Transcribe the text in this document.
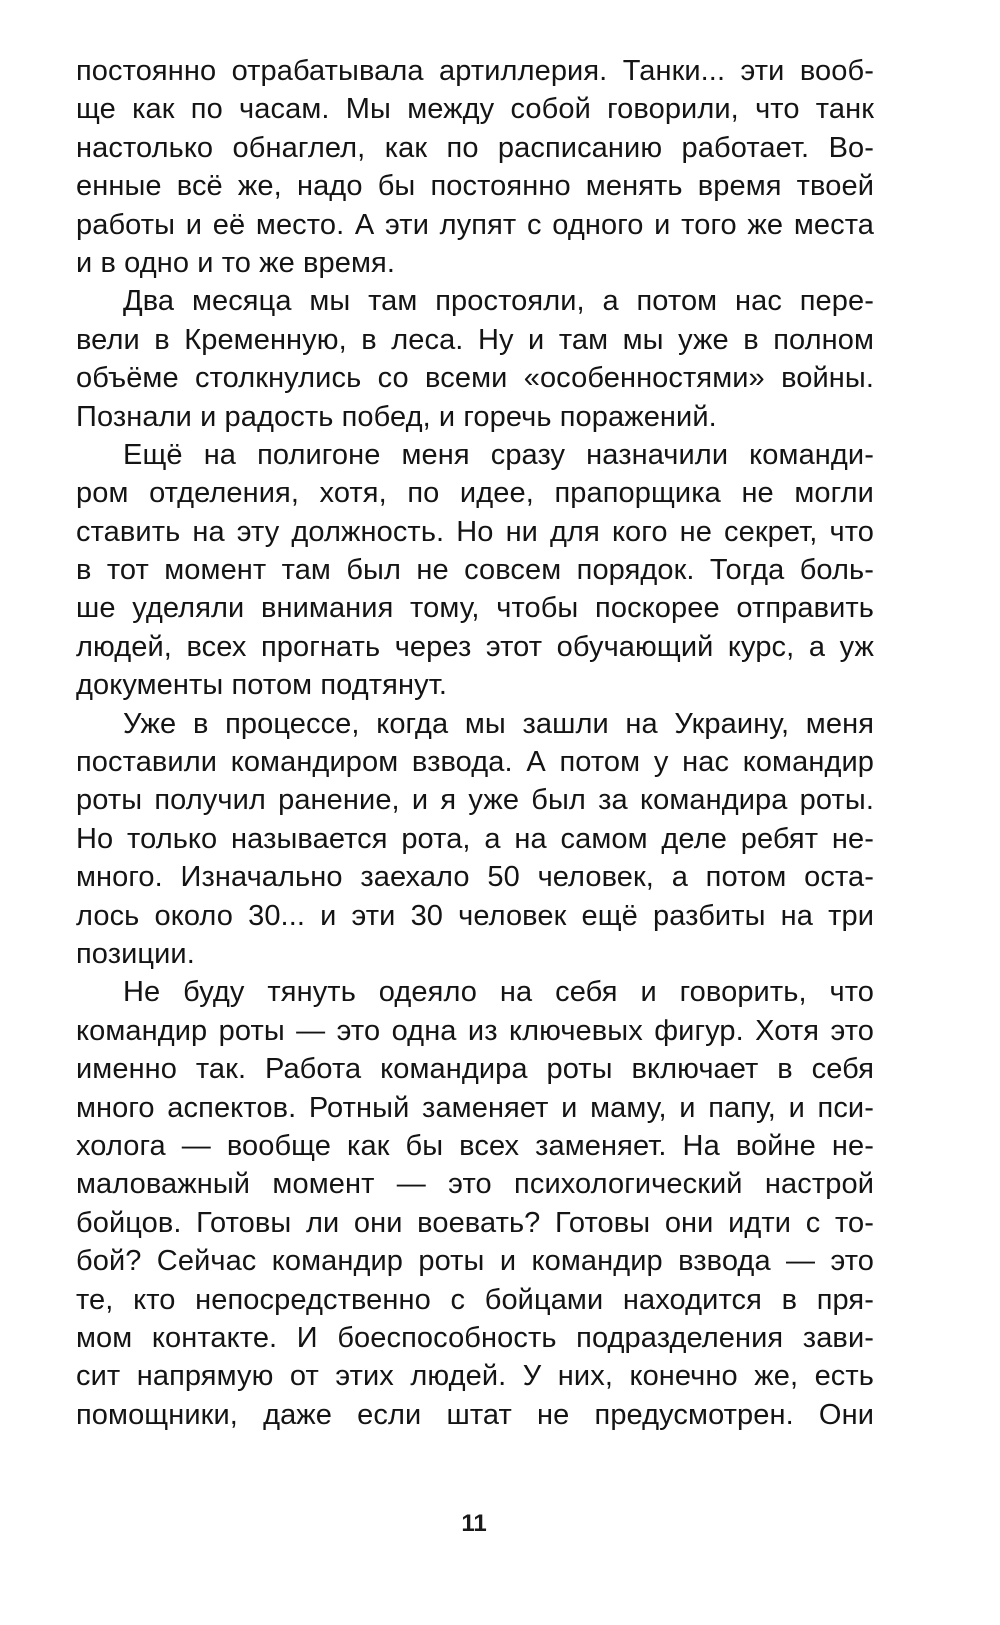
постоянно отрабатывала артиллерия. Танки... эти вооб-
ще как по часам. Мы между собой говорили, что танк
настолько обнаглел, как по расписанию работает. Во-
енные всё же, надо бы постоянно менять время твоей
работы и её место. А эти лупят с одного и того же места
и в одно и то же время.
Два месяца мы там простояли, а потом нас пере-
вели в Кременную, в леса. Ну и там мы уже в полном
объёме столкнулись со всеми «особенностями» войны.
Познали и радость побед, и горечь поражений.
Ещё на полигоне меня сразу назначили команди-
ром отделения, хотя, по идее, прапорщика не могли
ставить на эту должность. Но ни для кого не секрет, что
в тот момент там был не совсем порядок. Тогда боль-
ше уделяли внимания тому, чтобы поскорее отправить
людей, всех прогнать через этот обучающий курс, а уж
документы потом подтянут.
Уже в процессе, когда мы зашли на Украину, меня
поставили командиром взвода. А потом у нас командир
роты получил ранение, и я уже был за командира роты.
Но только называется рота, а на самом деле ребят не-
много. Изначально заехало 50 человек, а потом оста-
лось около 30... и эти 30 человек ещё разбиты на три
позиции.
Не буду тянуть одеяло на себя и говорить, что
командир роты — это одна из ключевых фигур. Хотя это
именно так. Работа командира роты включает в себя
много аспектов. Ротный заменяет и маму, и папу, и пси-
холога — вообще как бы всех заменяет. На войне не-
маловажный момент — это психологический настрой
бойцов. Готовы ли они воевать? Готовы они идти с то-
бой? Сейчас командир роты и командир взвода — это
те, кто непосредственно с бойцами находится в пря-
мом контакте. И боеспособность подразделения зави-
сит напрямую от этих людей. У них, конечно же, есть
помощники, даже если штат не предусмотрен. Они
11
